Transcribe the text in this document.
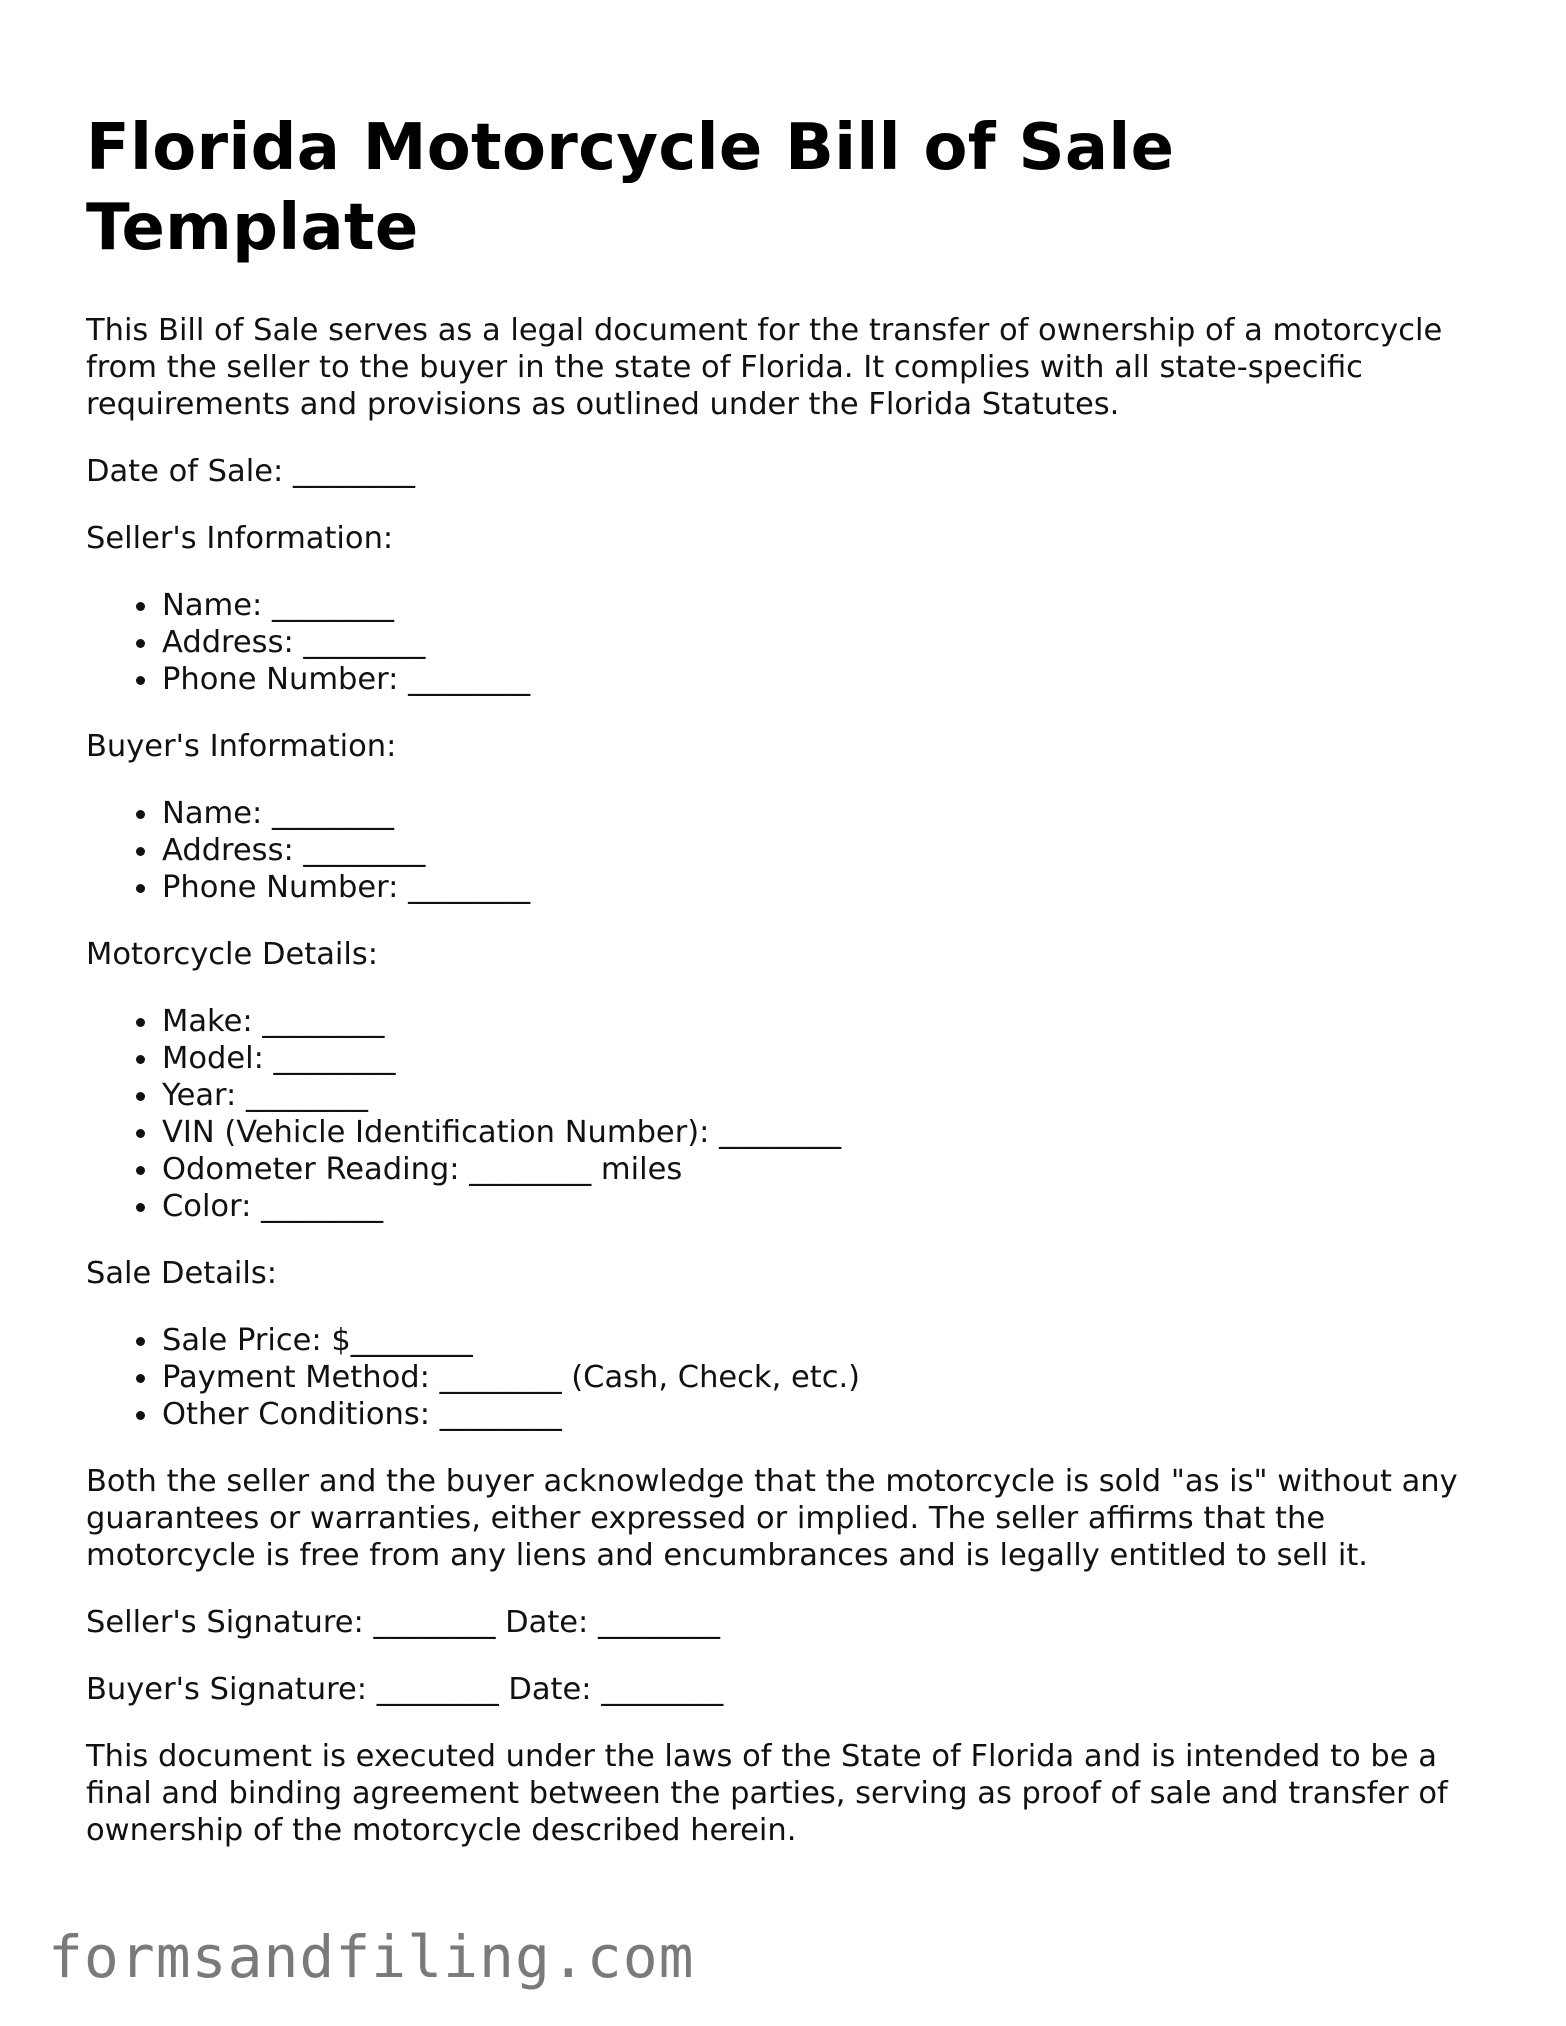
Florida Motorcycle Bill of Sale Template

This Bill of Sale serves as a legal document for the transfer of ownership of a motorcycle from the seller to the buyer in the state of Florida. It complies with all state-specific requirements and provisions as outlined under the Florida Statutes.

Date of Sale: ________

Seller's Information:

Name: ________
Address: ________
Phone Number: ________

Buyer's Information:

Name: ________
Address: ________
Phone Number: ________

Motorcycle Details:

Make: ________
Model: ________
Year: ________
VIN (Vehicle Identification Number): ________
Odometer Reading: ________ miles
Color: ________

Sale Details:

Sale Price: $________
Payment Method: ________ (Cash, Check, etc.)
Other Conditions: ________

Both the seller and the buyer acknowledge that the motorcycle is sold "as is" without any guarantees or warranties, either expressed or implied. The seller affirms that the motorcycle is free from any liens and encumbrances and is legally entitled to sell it.

Seller's Signature: ________ Date: ________

Buyer's Signature: ________ Date: ________

This document is executed under the laws of the State of Florida and is intended to be a final and binding agreement between the parties, serving as proof of sale and transfer of ownership of the motorcycle described herein.

formsandfiling.com
